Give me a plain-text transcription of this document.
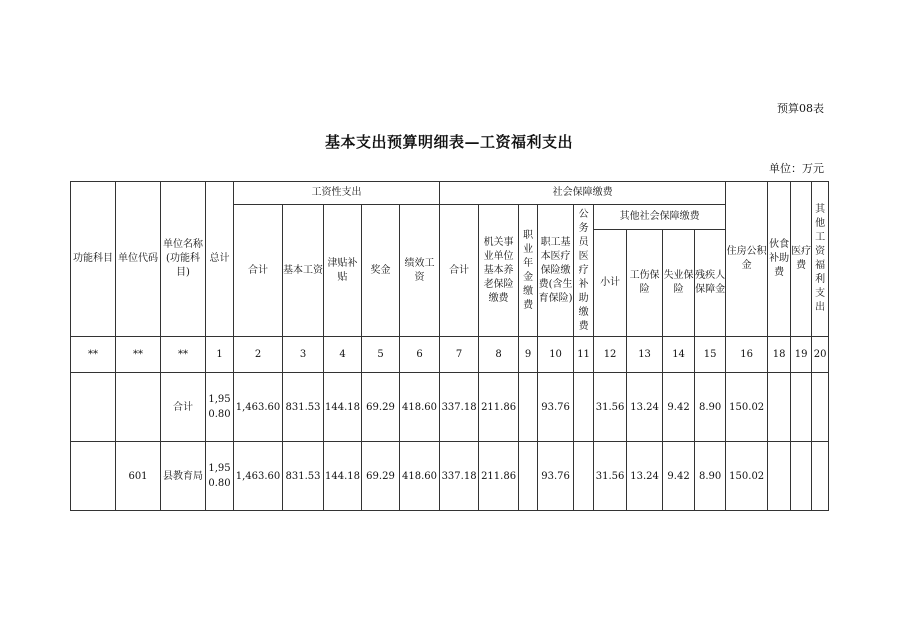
预算08表
基本支出预算明细表—工资福利支出
单位：万元
功能科目	单位代码	单位名称(功能科目)	总计	工资性支出					社会保障缴费									住房公积金	伙食补助费	医疗费	其他工资福利支出
									合计	机关事业单位基本养老保险缴费	职业年金缴费	职工基本医疗保险缴费(含生育保险)	公务员医疗补助缴费	其他社会保障缴费							
				合计	基本工资	津贴补贴	奖金	绩效工资													
														小计	工伤保险	失业保险	残疾人保障金				
**	**	**	1	2	3	4	5	6	7	8	9	10	11	12	13	14	15	16	18	19	20
		合计	1,950.80	1,463.60	831.53	144.18	69.29	418.60	337.18	211.86		93.76		31.56	13.24	9.42	8.90	150.02			
	601	县教育局	1,950.80	1,463.60	831.53	144.18	69.29	418.60	337.18	211.86		93.76		31.56	13.24	9.42	8.90	150.02			
